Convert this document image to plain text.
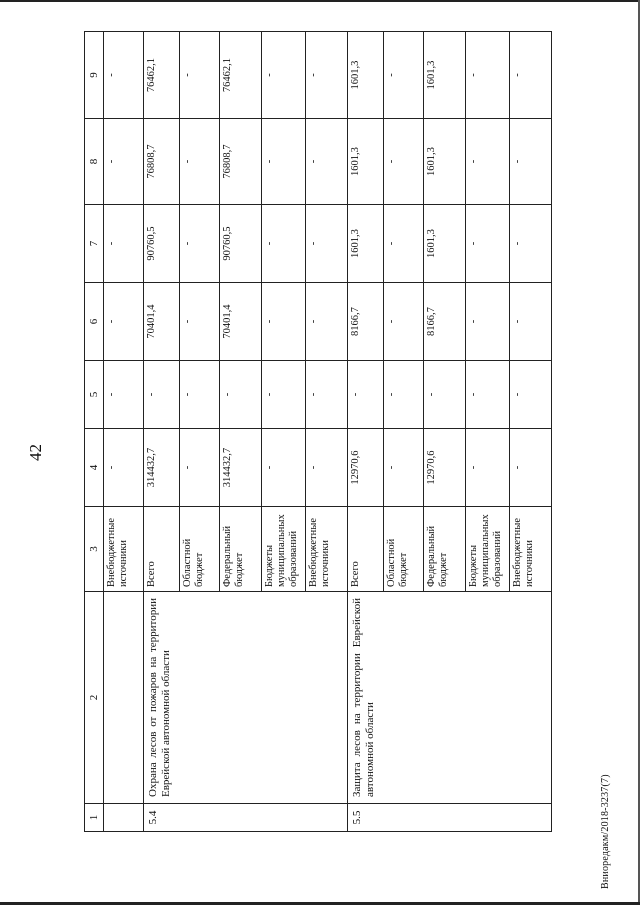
42
Вниоредакм/2018-3237(7)
1	2	3	4	5	6	7	8	9
		Внебюджетные источники	-	-	-	-	-	-
5.4	Охрана лесов от пожаров на территории Еврейской автономной области	Всего	314432,7	-	70401,4	90760,5	76808,7	76462,1
		Областной бюджет	-	-	-	-	-	-
		Федеральный бюджет	314432,7	-	70401,4	90760,5	76808,7	76462,1
		Бюджеты муниципальных образований	-	-	-	-	-	-
		Внебюджетные источники	-	-	-	-	-	-
5.5	Защита лесов на территории Еврейской автономной области	Всего	12970,6	-	8166,7	1601,3	1601,3	1601,3
		Областной бюджет	-	-	-	-	-	-
		Федеральный бюджет	12970,6	-	8166,7	1601,3	1601,3	1601,3
		Бюджеты муниципальных образований	-	-	-	-	-	-
		Внебюджетные источники	-	-	-	-	-	-
